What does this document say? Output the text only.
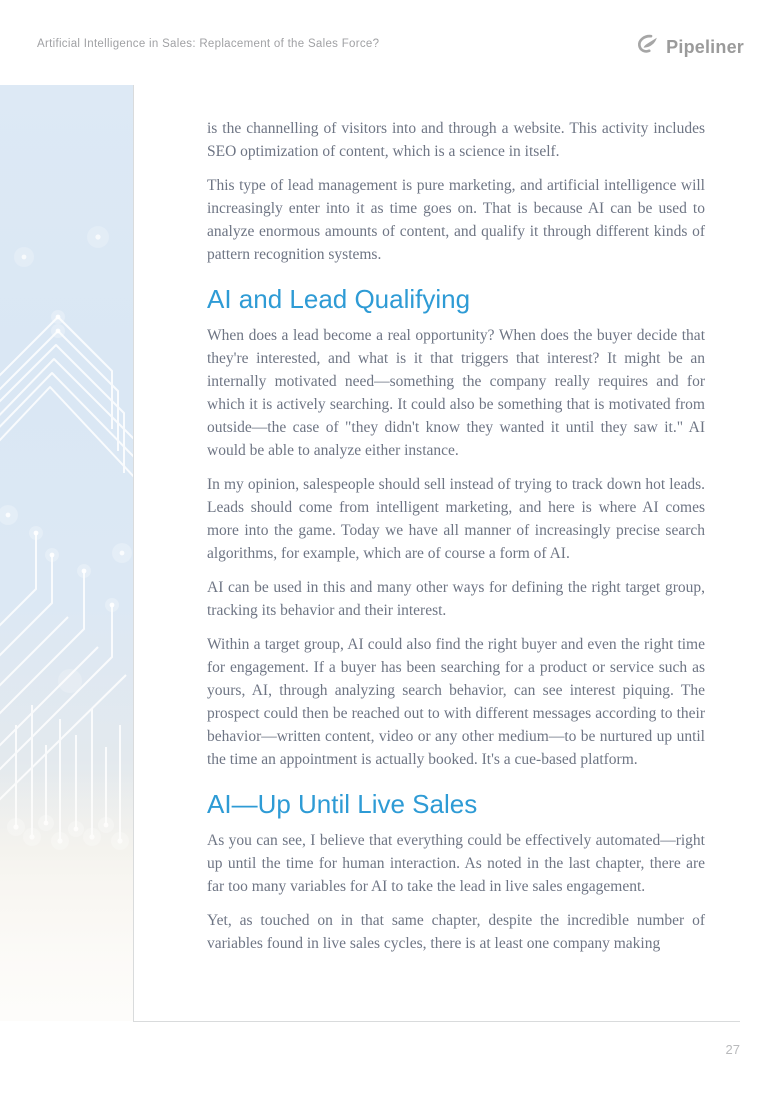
Artificial Intelligence in Sales: Replacement of the Sales Force?	Pipeliner

is the channelling of visitors into and through a website. This activity includes SEO optimization of content, which is a science in itself.

This type of lead management is pure marketing, and artificial intelligence will increasingly enter into it as time goes on. That is because AI can be used to analyze enormous amounts of content, and qualify it through different kinds of pattern recognition systems.

AI and Lead Qualifying

When does a lead become a real opportunity? When does the buyer decide that they're interested, and what is it that triggers that interest? It might be an internally motivated need—something the company really requires and for which it is actively searching. It could also be something that is motivated from outside—the case of "they didn't know they wanted it until they saw it." AI would be able to analyze either instance.

In my opinion, salespeople should sell instead of trying to track down hot leads. Leads should come from intelligent marketing, and here is where AI comes more into the game. Today we have all manner of increasingly precise search algorithms, for example, which are of course a form of AI.

AI can be used in this and many other ways for defining the right target group, tracking its behavior and their interest.

Within a target group, AI could also find the right buyer and even the right time for engagement. If a buyer has been searching for a product or service such as yours, AI, through analyzing search behavior, can see interest piquing. The prospect could then be reached out to with different messages according to their behavior—written content, video or any other medium—to be nurtured up until the time an appointment is actually booked. It's a cue-based platform.

AI—Up Until Live Sales

As you can see, I believe that everything could be effectively automated—right up until the time for human interaction. As noted in the last chapter, there are far too many variables for AI to take the lead in live sales engagement.

Yet, as touched on in that same chapter, despite the incredible number of variables found in live sales cycles, there is at least one company making

27
